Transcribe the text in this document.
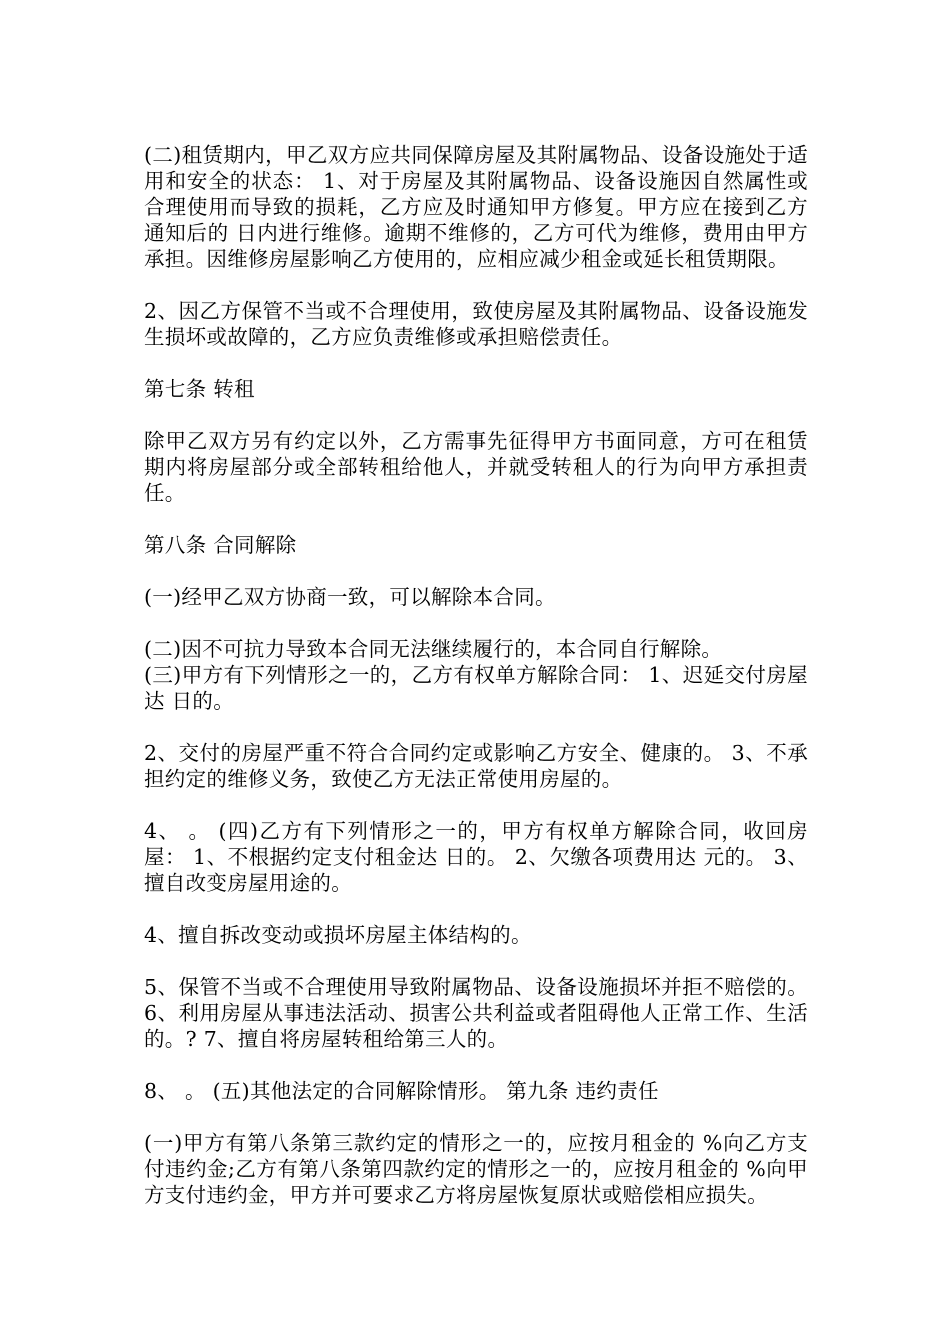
(二)租赁期内，甲乙双方应共同保障房屋及其附属物品、设备设施处于适用和安全的状态： 1、对于房屋及其附属物品、设备设施因自然属性或合理使用而导致的损耗，乙方应及时通知甲方修复。甲方应在接到乙方通知后的 日内进行维修。逾期不维修的，乙方可代为维修，费用由甲方承担。因维修房屋影响乙方使用的，应相应减少租金或延长租赁期限。

2、因乙方保管不当或不合理使用，致使房屋及其附属物品、设备设施发生损坏或故障的，乙方应负责维修或承担赔偿责任。

第七条 转租

除甲乙双方另有约定以外，乙方需事先征得甲方书面同意，方可在租赁期内将房屋部分或全部转租给他人，并就受转租人的行为向甲方承担责任。

第八条 合同解除

(一)经甲乙双方协商一致，可以解除本合同。

(二)因不可抗力导致本合同无法继续履行的，本合同自行解除。

(三)甲方有下列情形之一的，乙方有权单方解除合同： 1、迟延交付房屋达 日的。

2、交付的房屋严重不符合合同约定或影响乙方安全、健康的。 3、不承担约定的维修义务，致使乙方无法正常使用房屋的。

4、 。 (四)乙方有下列情形之一的，甲方有权单方解除合同，收回房屋： 1、不根据约定支付租金达 日的。 2、欠缴各项费用达 元的。 3、擅自改变房屋用途的。

4、擅自拆改变动或损坏房屋主体结构的。

5、保管不当或不合理使用导致附属物品、设备设施损坏并拒不赔偿的。 6、利用房屋从事违法活动、损害公共利益或者阻碍他人正常工作、生活的。? 7、擅自将房屋转租给第三人的。

8、 。 (五)其他法定的合同解除情形。 第九条 违约责任

(一)甲方有第八条第三款约定的情形之一的，应按月租金的 %向乙方支付违约金;乙方有第八条第四款约定的情形之一的，应按月租金的 %向甲方支付违约金，甲方并可要求乙方将房屋恢复原状或赔偿相应损失。
